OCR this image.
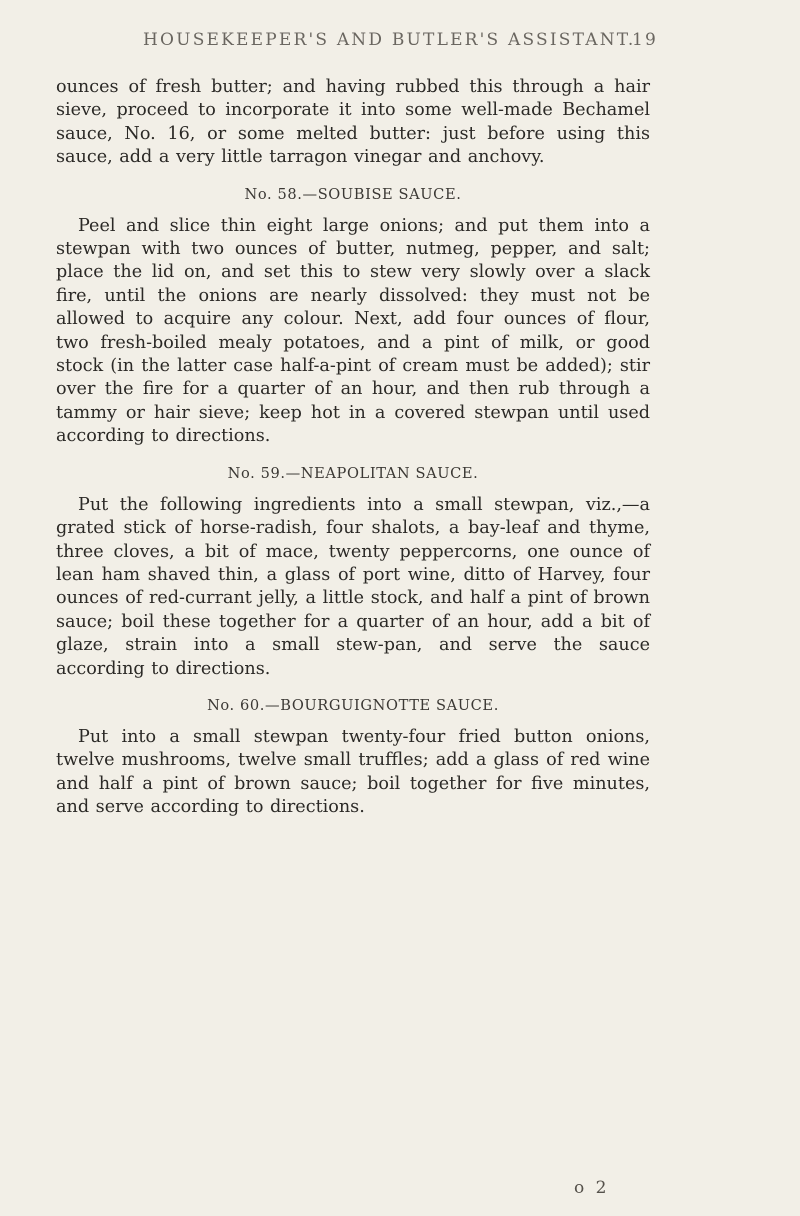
HOUSEKEEPER'S AND BUTLER'S ASSISTANT.
19

ounces of fresh butter; and having rubbed this through a hair sieve, proceed to incorporate it into some well-made Bechamel sauce, No. 16, or some melted butter: just before using this sauce, add a very little tarragon vinegar and anchovy.

No. 58.—SOUBISE SAUCE.

Peel and slice thin eight large onions; and put them into a stewpan with two ounces of butter, nutmeg, pepper, and salt; place the lid on, and set this to stew very slowly over a slack fire, until the onions are nearly dissolved: they must not be allowed to acquire any colour. Next, add four ounces of flour, two fresh-boiled mealy potatoes, and a pint of milk, or good stock (in the latter case half-a-pint of cream must be added); stir over the fire for a quarter of an hour, and then rub through a tammy or hair sieve; keep hot in a covered stewpan until used according to directions.

No. 59.—NEAPOLITAN SAUCE.

Put the following ingredients into a small stewpan, viz.,—a grated stick of horse-radish, four shalots, a bay-leaf and thyme, three cloves, a bit of mace, twenty peppercorns, one ounce of lean ham shaved thin, a glass of port wine, ditto of Harvey, four ounces of red-currant jelly, a little stock, and half a pint of brown sauce; boil these together for a quarter of an hour, add a bit of glaze, strain into a small stew-pan, and serve the sauce according to directions.

No. 60.—BOURGUIGNOTTE SAUCE.

Put into a small stewpan twenty-four fried button onions, twelve mushrooms, twelve small truffles; add a glass of red wine and half a pint of brown sauce; boil together for five minutes, and serve according to directions.

o 2
